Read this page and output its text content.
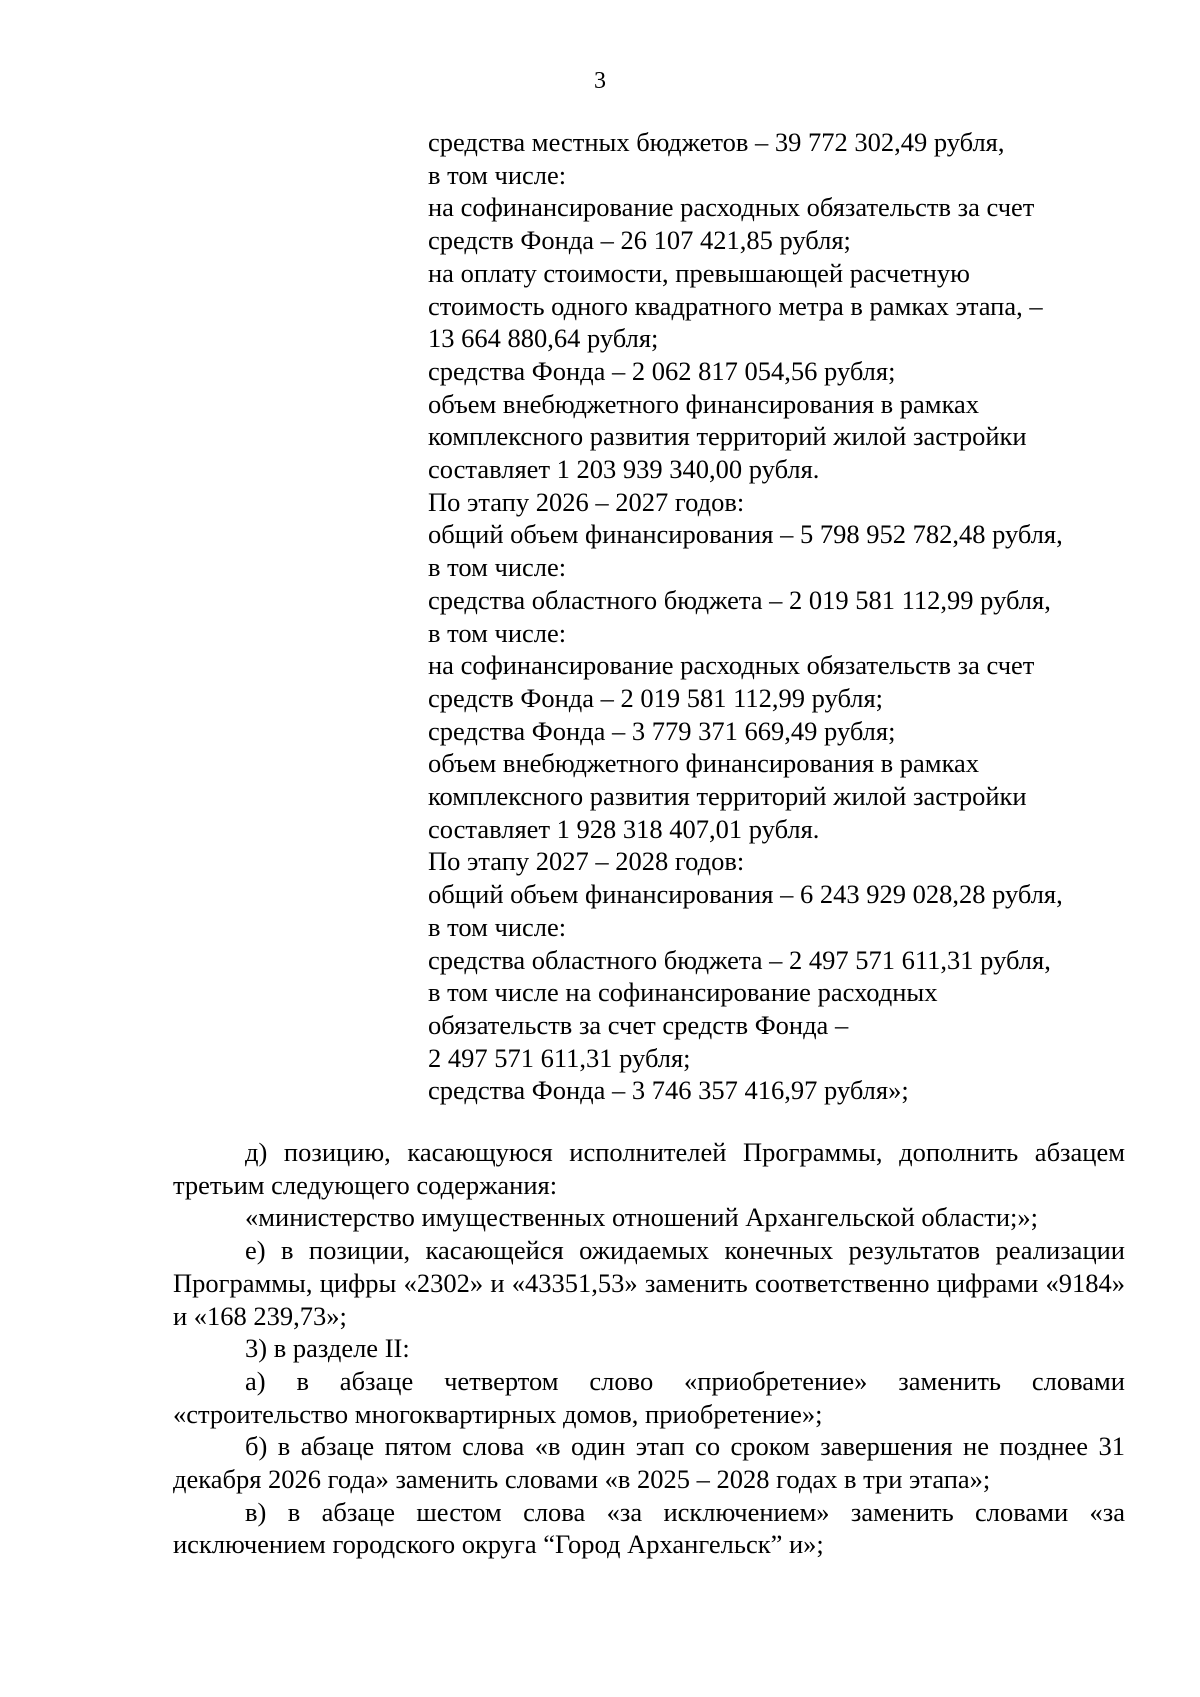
3
средства местных бюджетов – 39 772 302,49 рубля,
в том числе:
на софинансирование расходных обязательств за счет
средств Фонда – 26 107 421,85 рубля;
на оплату стоимости, превышающей расчетную
стоимость одного квадратного метра в рамках этапа, –
13 664 880,64 рубля;
средства Фонда – 2 062 817 054,56 рубля;
объем внебюджетного финансирования в рамках
комплексного развития территорий жилой застройки
составляет 1 203 939 340,00 рубля.
По этапу 2026 – 2027 годов:
общий объем финансирования – 5 798 952 782,48 рубля,
в том числе:
средства областного бюджета – 2 019 581 112,99 рубля,
в том числе:
на софинансирование расходных обязательств за счет
средств Фонда – 2 019 581 112,99 рубля;
средства Фонда – 3 779 371 669,49 рубля;
объем внебюджетного финансирования в рамках
комплексного развития территорий жилой застройки
составляет 1 928 318 407,01 рубля.
По этапу 2027 – 2028 годов:
общий объем финансирования – 6 243 929 028,28 рубля,
в том числе:
средства областного бюджета – 2 497 571 611,31 рубля,
в том числе на софинансирование расходных
обязательств за счет средств Фонда –
2 497 571 611,31 рубля;
средства Фонда – 3 746 357 416,97 рубля»;

д) позицию, касающуюся исполнителей Программы, дополнить абзацем третьим следующего содержания:

«министерство имущественных отношений Архангельской области;»;

е) в позиции, касающейся ожидаемых конечных результатов реализации Программы, цифры «2302» и «43351,53» заменить соответственно цифрами «9184» и «168 239,73»;

3) в разделе II:

а) в абзаце четвертом слово «приобретение» заменить словами «строительство многоквартирных домов, приобретение»;

б) в абзаце пятом слова «в один этап со сроком завершения не позднее 31 декабря 2026 года» заменить словами «в 2025 – 2028 годах в три этапа»;

в) в абзаце шестом слова «за исключением» заменить словами «за исключением городского округа “Город Архангельск” и»;
